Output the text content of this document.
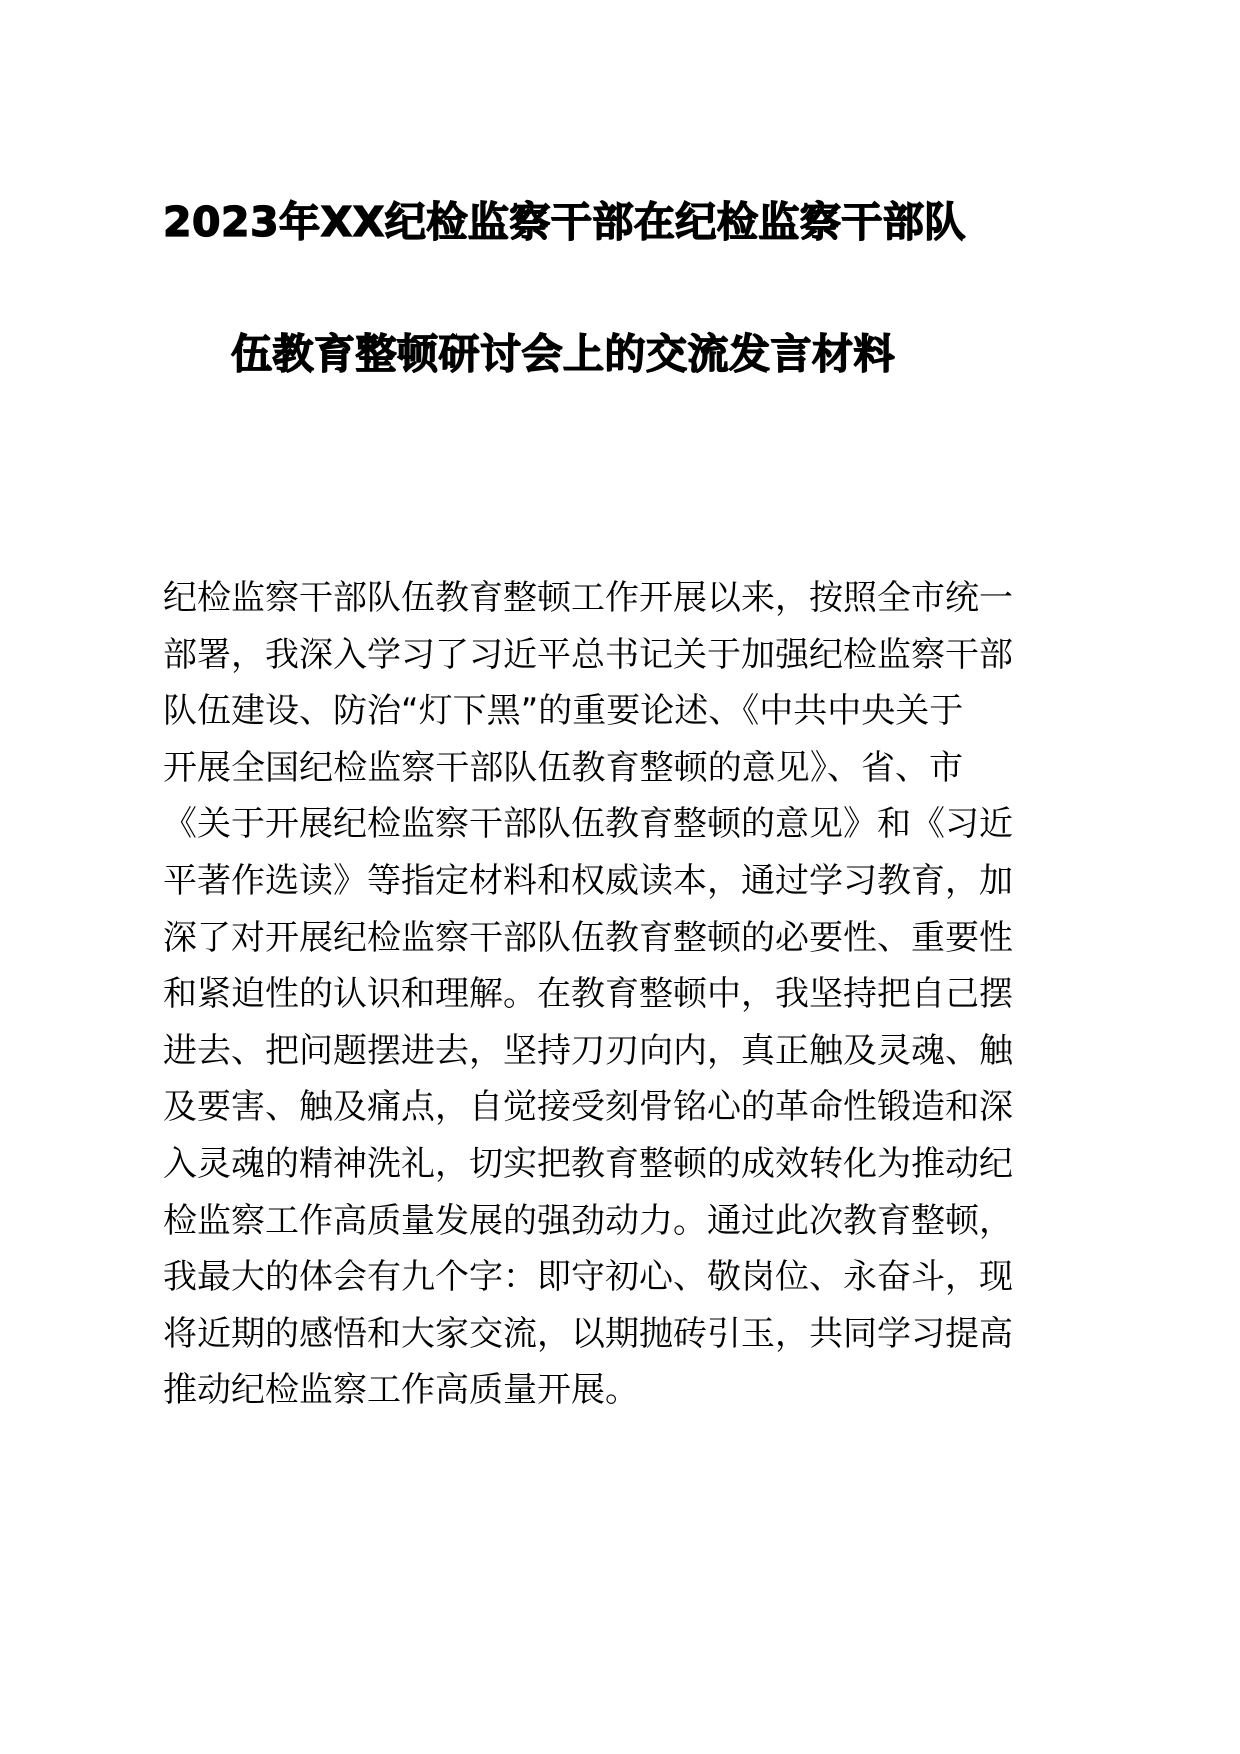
2023年XX纪检监察干部在纪检监察干部队
伍教育整顿研讨会上的交流发言材料

纪检监察干部队伍教育整顿工作开展以来，按照全市统一
部署，我深入学习了习近平总书记关于加强纪检监察干部
队伍建设、防治“灯下黑”的重要论述、《中共中央关于
开展全国纪检监察干部队伍教育整顿的意见》、省、市
《关于开展纪检监察干部队伍教育整顿的意见》和《习近
平著作选读》等指定材料和权威读本，通过学习教育，加
深了对开展纪检监察干部队伍教育整顿的必要性、重要性
和紧迫性的认识和理解。在教育整顿中，我坚持把自己摆
进去、把问题摆进去，坚持刀刃向内，真正触及灵魂、触
及要害、触及痛点，自觉接受刻骨铭心的革命性锻造和深
入灵魂的精神洗礼，切实把教育整顿的成效转化为推动纪
检监察工作高质量发展的强劲动力。通过此次教育整顿，
我最大的体会有九个字：即守初心、敬岗位、永奋斗，现
将近期的感悟和大家交流，以期抛砖引玉，共同学习提高
推动纪检监察工作高质量开展。
